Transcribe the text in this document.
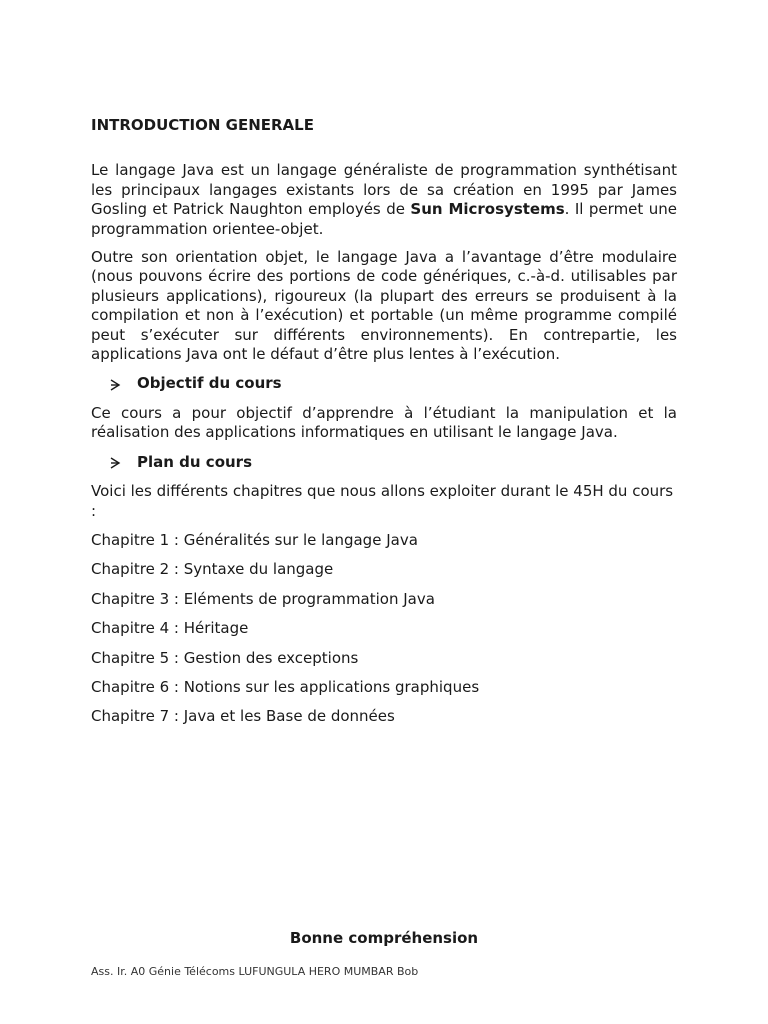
INTRODUCTION GENERALE

Le langage Java est un langage généraliste de programmation synthétisant les principaux langages existants lors de sa création en 1995 par James Gosling et Patrick Naughton employés de Sun Microsystems. Il permet une programmation orientee-objet.

Outre son orientation objet, le langage Java a l’avantage d’être modulaire (nous pouvons écrire des portions de code génériques, c.-à-d. utilisables par plusieurs applications), rigoureux (la plupart des erreurs se produisent à la compilation et non à l’exécution) et portable (un même programme compilé peut s’exécuter sur différents environnements). En contrepartie, les applications Java ont le défaut d’être plus lentes à l’exécution.

Objectif du cours

Ce cours a pour objectif d’apprendre à l’étudiant la manipulation et la réalisation des applications informatiques en utilisant le langage Java.

Plan du cours
Voici les différents chapitres que nous allons exploiter durant le 45H du cours :
Chapitre 1 : Généralités sur le langage Java
Chapitre 2 : Syntaxe du langage
Chapitre 3 : Eléments de programmation Java
Chapitre 4 : Héritage
Chapitre 5 : Gestion des exceptions
Chapitre 6 : Notions sur les applications graphiques
Chapitre 7 : Java et les Base de données
Bonne compréhension
Ass. Ir. A0 Génie Télécoms LUFUNGULA HERO MUMBAR Bob
